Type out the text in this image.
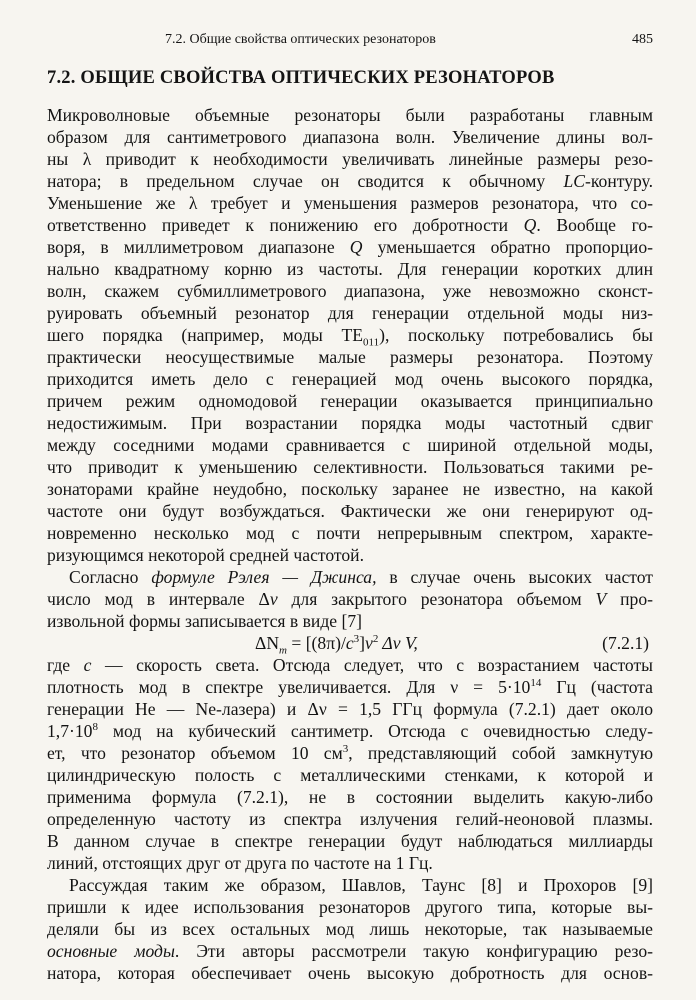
7.2. Общие свойства оптических резонаторов	485
7.2. ОБЩИЕ СВОЙСТВА ОПТИЧЕСКИХ РЕЗОНАТОРОВ
Микроволновые объемные резонаторы были разработаны главным
образом для сантиметрового диапазона волн. Увеличение длины вол-
ны λ приводит к необходимости увеличивать линейные размеры резо-
натора; в предельном случае он сводится к обычному LC-контуру.
Уменьшение же λ требует и уменьшения размеров резонатора, что со-
ответственно приведет к понижению его добротности Q. Вообще го-
воря, в миллиметровом диапазоне Q уменьшается обратно пропорцио-
нально квадратному корню из частоты. Для генерации коротких длин
волн, скажем субмиллиметрового диапазона, уже невозможно сконст-
руировать объемный резонатор для генерации отдельной моды низ-
шего порядка (например, моды $TE_{011}$), поскольку потребовались бы
практически неосуществимые малые размеры резонатора. Поэтому
приходится иметь дело с генерацией мод очень высокого порядка,
причем режим одномодовой генерации оказывается принципиально
недостижимым. При возрастании порядка моды частотный сдвиг
между соседними модами сравнивается с шириной отдельной моды,
что приводит к уменьшению селективности. Пользоваться такими ре-
зонаторами крайне неудобно, поскольку заранее не известно, на какой
частоте они будут возбуждаться. Фактически же они генерируют од-
новременно несколько мод с почти непрерывным спектром, характе-
ризующимся некоторой средней частотой.
Согласно формуле Рэлея — Джинса, в случае очень высоких частот
число мод в интервале Δν для закрытого резонатора объемом V про-
извольной формы записывается в виде [7]
$\Delta N_m = [(8\pi)/c^3]\nu^2$ Δν V,	(7.2.1)
где c — скорость света. Отсюда следует, что с возрастанием частоты
плотность мод в спектре увеличивается. Для $\nu = 5\cdot 10^{14}$ Гц (частота
генерации He — Ne-лазера) и Δν = 1,5 ГГц формула (7.2.1) дает около
$1,7\cdot 10^8$ мод на кубический сантиметр. Отсюда с очевидностью следу-
ет, что резонатор объемом 10 $см^3$, представляющий собой замкнутую
цилиндрическую полость с металлическими стенками, к которой и
применима формула (7.2.1), не в состоянии выделить какую-либо
определенную частоту из спектра излучения гелий-неоновой плазмы.
В данном случае в спектре генерации будут наблюдаться миллиарды
линий, отстоящих друг от друга по частоте на 1 Гц.
Рассуждая таким же образом, Шавлов, Таунс [8] и Прохоров [9]
пришли к идее использования резонаторов другого типа, которые вы-
деляли бы из всех остальных мод лишь некоторые, так называемые
основные моды. Эти авторы рассмотрели такую конфигурацию резо-
натора, которая обеспечивает очень высокую добротность для основ-
